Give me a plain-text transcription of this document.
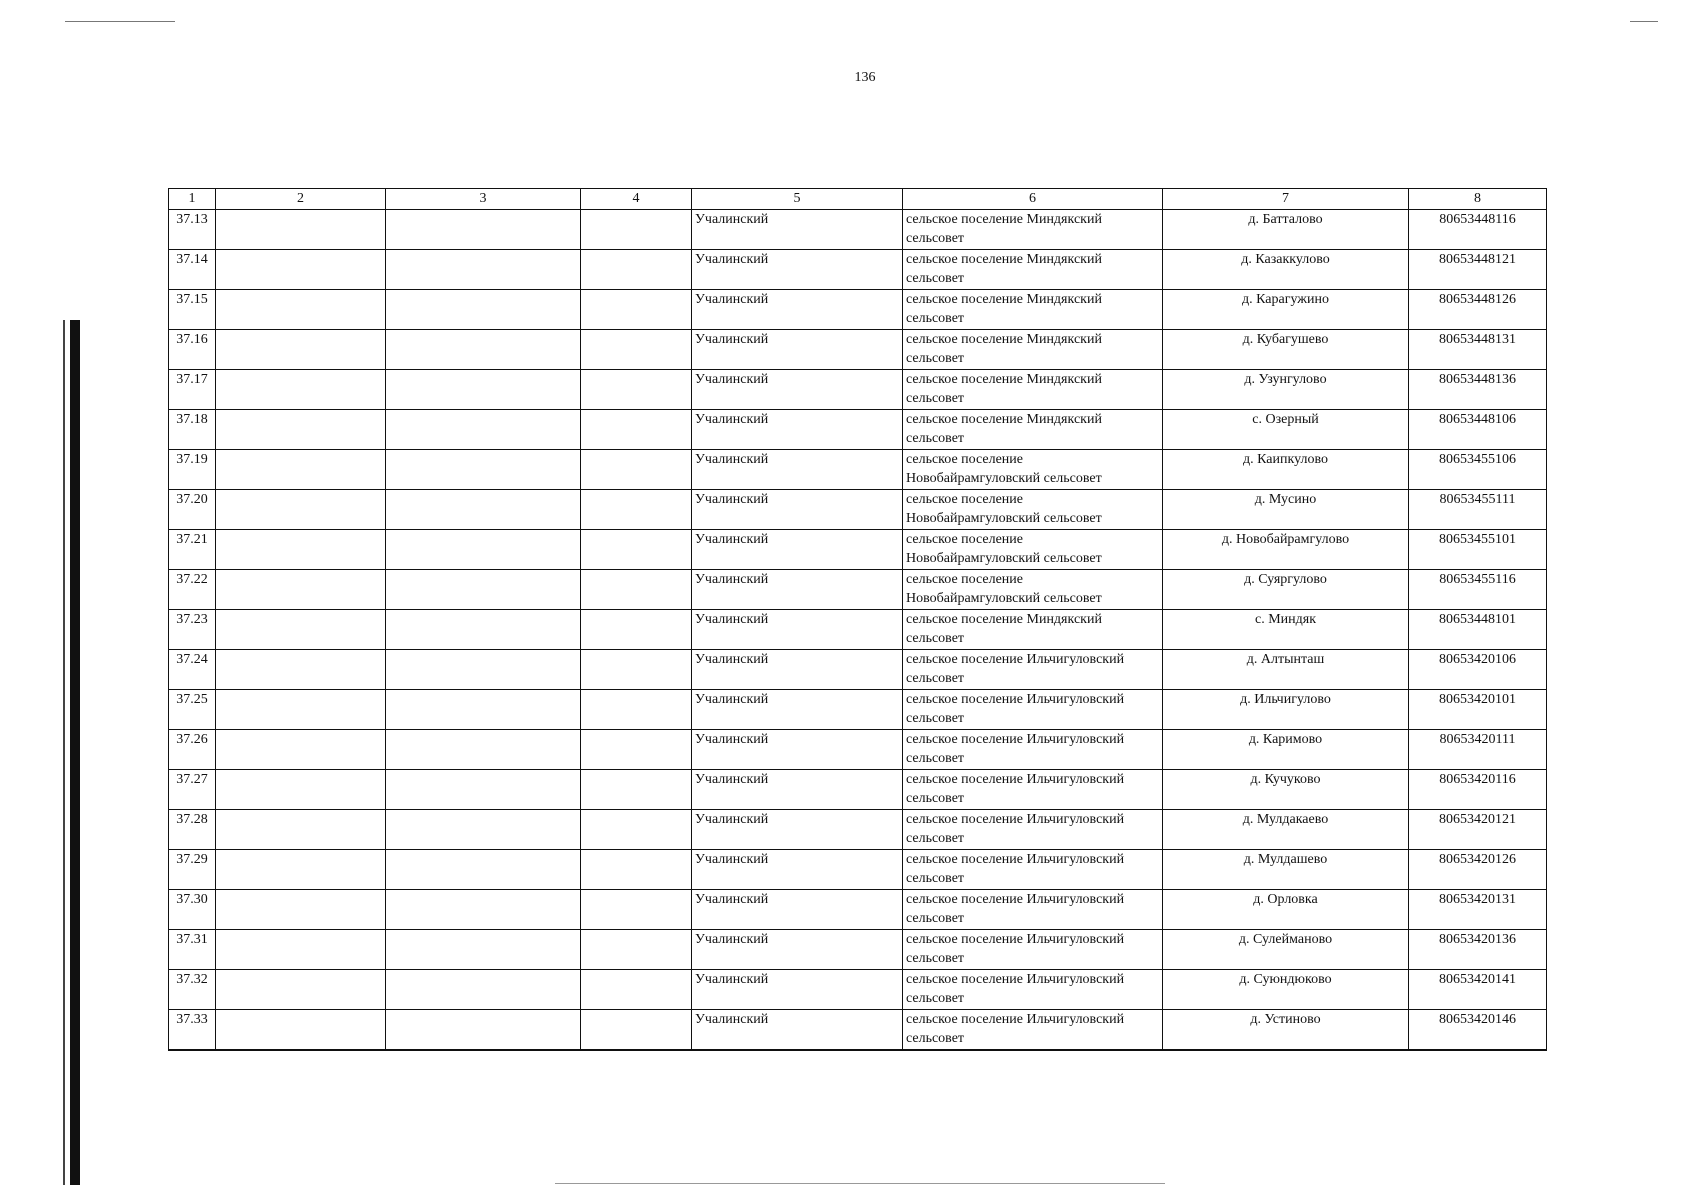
136
1	2	3	4	5	6	7	8
37.13				Учалинский	сельское поселение Миндякский сельсовет	д. Батталово	80653448116
37.14				Учалинский	сельское поселение Миндякский сельсовет	д. Казаккулово	80653448121
37.15				Учалинский	сельское поселение Миндякский сельсовет	д. Карагужино	80653448126
37.16				Учалинский	сельское поселение Миндякский сельсовет	д. Кубагушево	80653448131
37.17				Учалинский	сельское поселение Миндякский сельсовет	д. Узунгулово	80653448136
37.18				Учалинский	сельское поселение Миндякский сельсовет	с. Озерный	80653448106
37.19				Учалинский	сельское поселение Новобайрамгуловский сельсовет	д. Каипкулово	80653455106
37.20				Учалинский	сельское поселение Новобайрамгуловский сельсовет	д. Мусино	80653455111
37.21				Учалинский	сельское поселение Новобайрамгуловский сельсовет	д. Новобайрамгулово	80653455101
37.22				Учалинский	сельское поселение Новобайрамгуловский сельсовет	д. Суяргулово	80653455116
37.23				Учалинский	сельское поселение Миндякский сельсовет	с. Миндяк	80653448101
37.24				Учалинский	сельское поселение Ильчигуловский сельсовет	д. Алтынташ	80653420106
37.25				Учалинский	сельское поселение Ильчигуловский сельсовет	д. Ильчигулово	80653420101
37.26				Учалинский	сельское поселение Ильчигуловский сельсовет	д. Каримово	80653420111
37.27				Учалинский	сельское поселение Ильчигуловский сельсовет	д. Кучуково	80653420116
37.28				Учалинский	сельское поселение Ильчигуловский сельсовет	д. Мулдакаево	80653420121
37.29				Учалинский	сельское поселение Ильчигуловский сельсовет	д. Мулдашево	80653420126
37.30				Учалинский	сельское поселение Ильчигуловский сельсовет	д. Орловка	80653420131
37.31				Учалинский	сельское поселение Ильчигуловский сельсовет	д. Сулейманово	80653420136
37.32				Учалинский	сельское поселение Ильчигуловский сельсовет	д. Суюндюково	80653420141
37.33				Учалинский	сельское поселение Ильчигуловский сельсовет	д. Устиново	80653420146
